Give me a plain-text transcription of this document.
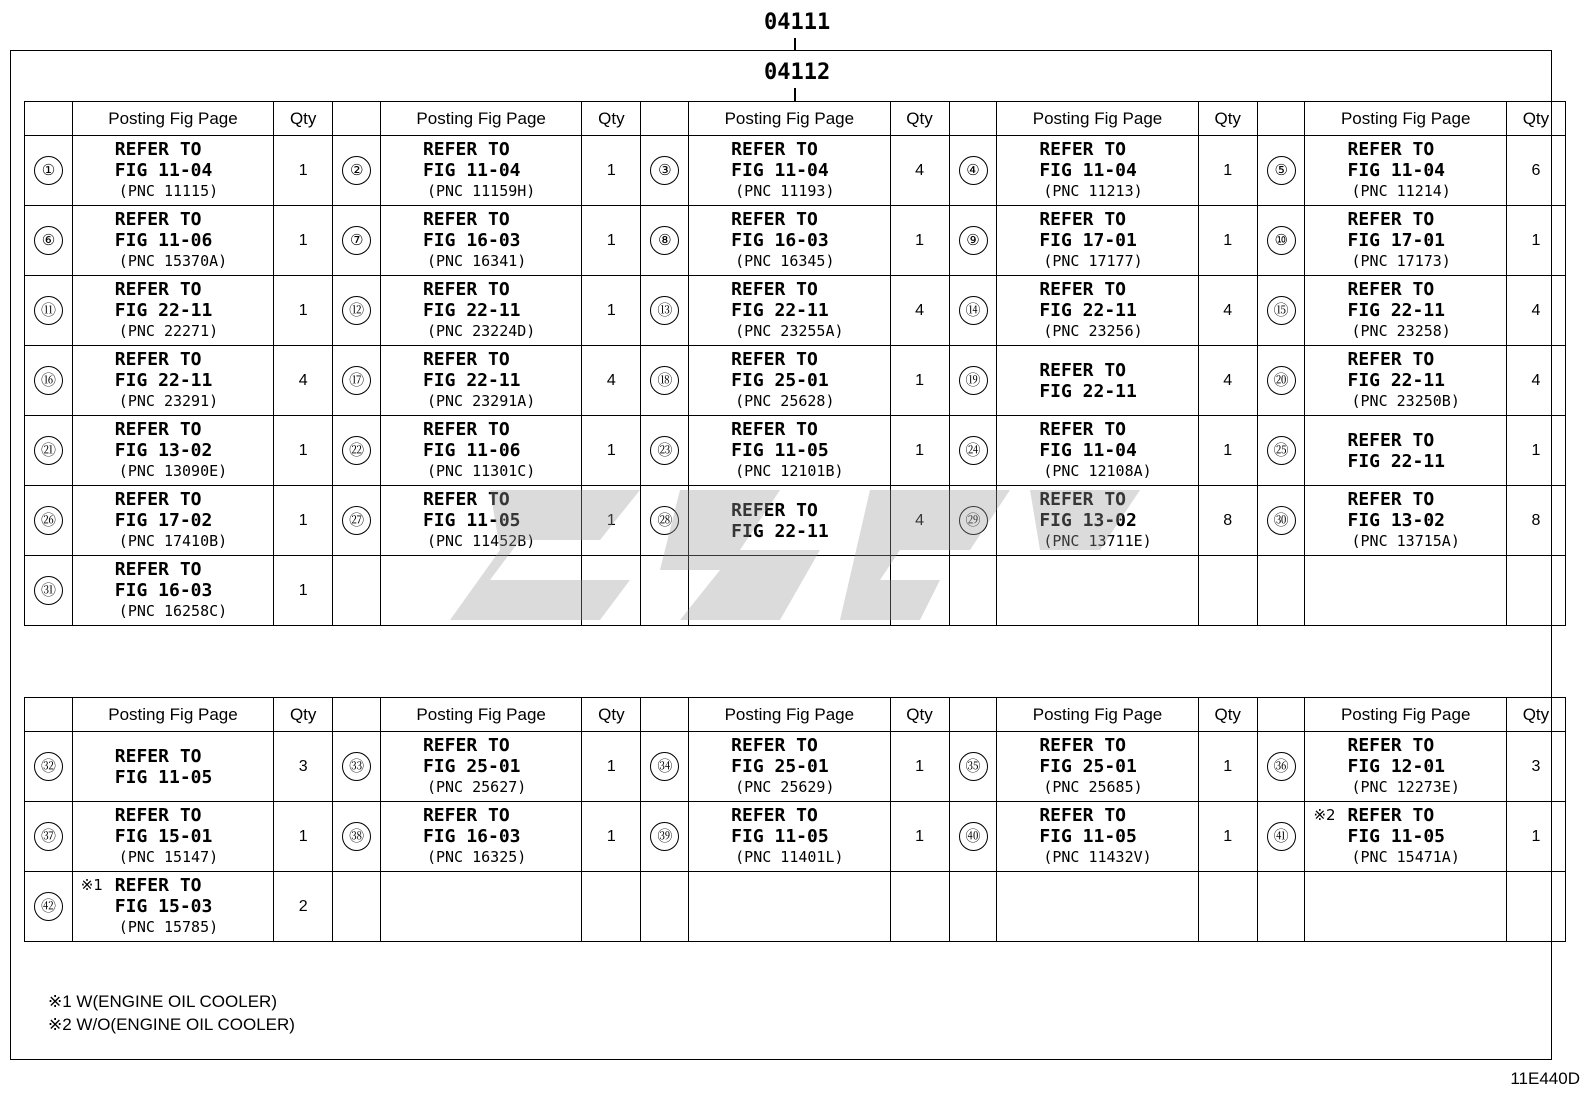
04111
04112
	Posting Fig Page	Qty		Posting Fig Page	Qty		Posting Fig Page	Qty		Posting Fig Page	Qty		Posting Fig Page	Qty
①	REFER TO
FIG 11-04
(PNC 11115)	1	②	REFER TO
FIG 11-04
(PNC 11159H)	1	③	REFER TO
FIG 11-04
(PNC 11193)	4	④	REFER TO
FIG 11-04
(PNC 11213)	1	⑤	REFER TO
FIG 11-04
(PNC 11214)	6
⑥	REFER TO
FIG 11-06
(PNC 15370A)	1	⑦	REFER TO
FIG 16-03
(PNC 16341)	1	⑧	REFER TO
FIG 16-03
(PNC 16345)	1	⑨	REFER TO
FIG 17-01
(PNC 17177)	1	⑩	REFER TO
FIG 17-01
(PNC 17173)	1
⑪	REFER TO
FIG 22-11
(PNC 22271)	1	⑫	REFER TO
FIG 22-11
(PNC 23224D)	1	⑬	REFER TO
FIG 22-11
(PNC 23255A)	4	⑭	REFER TO
FIG 22-11
(PNC 23256)	4	⑮	REFER TO
FIG 22-11
(PNC 23258)	4
⑯	REFER TO
FIG 22-11
(PNC 23291)	4	⑰	REFER TO
FIG 22-11
(PNC 23291A)	4	⑱	REFER TO
FIG 25-01
(PNC 25628)	1	⑲	REFER TO
FIG 22-11	4	⑳	REFER TO
FIG 22-11
(PNC 23250B)	4
㉑	REFER TO
FIG 13-02
(PNC 13090E)	1	㉒	REFER TO
FIG 11-06
(PNC 11301C)	1	㉓	REFER TO
FIG 11-05
(PNC 12101B)	1	㉔	REFER TO
FIG 11-04
(PNC 12108A)	1	㉕	REFER TO
FIG 22-11	1
㉖	REFER TO
FIG 17-02
(PNC 17410B)	1	㉗	REFER TO
FIG 11-05
(PNC 11452B)	1	㉘	REFER TO
FIG 22-11	4	㉙	REFER TO
FIG 13-02
(PNC 13711E)	8	㉚	REFER TO
FIG 13-02
(PNC 13715A)	8
㉛	REFER TO
FIG 16-03
(PNC 16258C)	1												
	Posting Fig Page	Qty		Posting Fig Page	Qty		Posting Fig Page	Qty		Posting Fig Page	Qty		Posting Fig Page	Qty
㉜	REFER TO
FIG 11-05	3	㉝	REFER TO
FIG 25-01
(PNC 25627)	1	㉞	REFER TO
FIG 25-01
(PNC 25629)	1	㉟	REFER TO
FIG 25-01
(PNC 25685)	1	㊱	REFER TO
FIG 12-01
(PNC 12273E)	3
㊲	REFER TO
FIG 15-01
(PNC 15147)	1	㊳	REFER TO
FIG 16-03
(PNC 16325)	1	㊴	REFER TO
FIG 11-05
(PNC 11401L)	1	㊵	REFER TO
FIG 11-05
(PNC 11432V)	1	㊶	※2 REFER TO
FIG 11-05
(PNC 15471A)	1
㊷	※1 REFER TO
FIG 15-03
(PNC 15785)	2												
※1 W(ENGINE OIL COOLER)
※2 W/O(ENGINE OIL COOLER)
11E440D
